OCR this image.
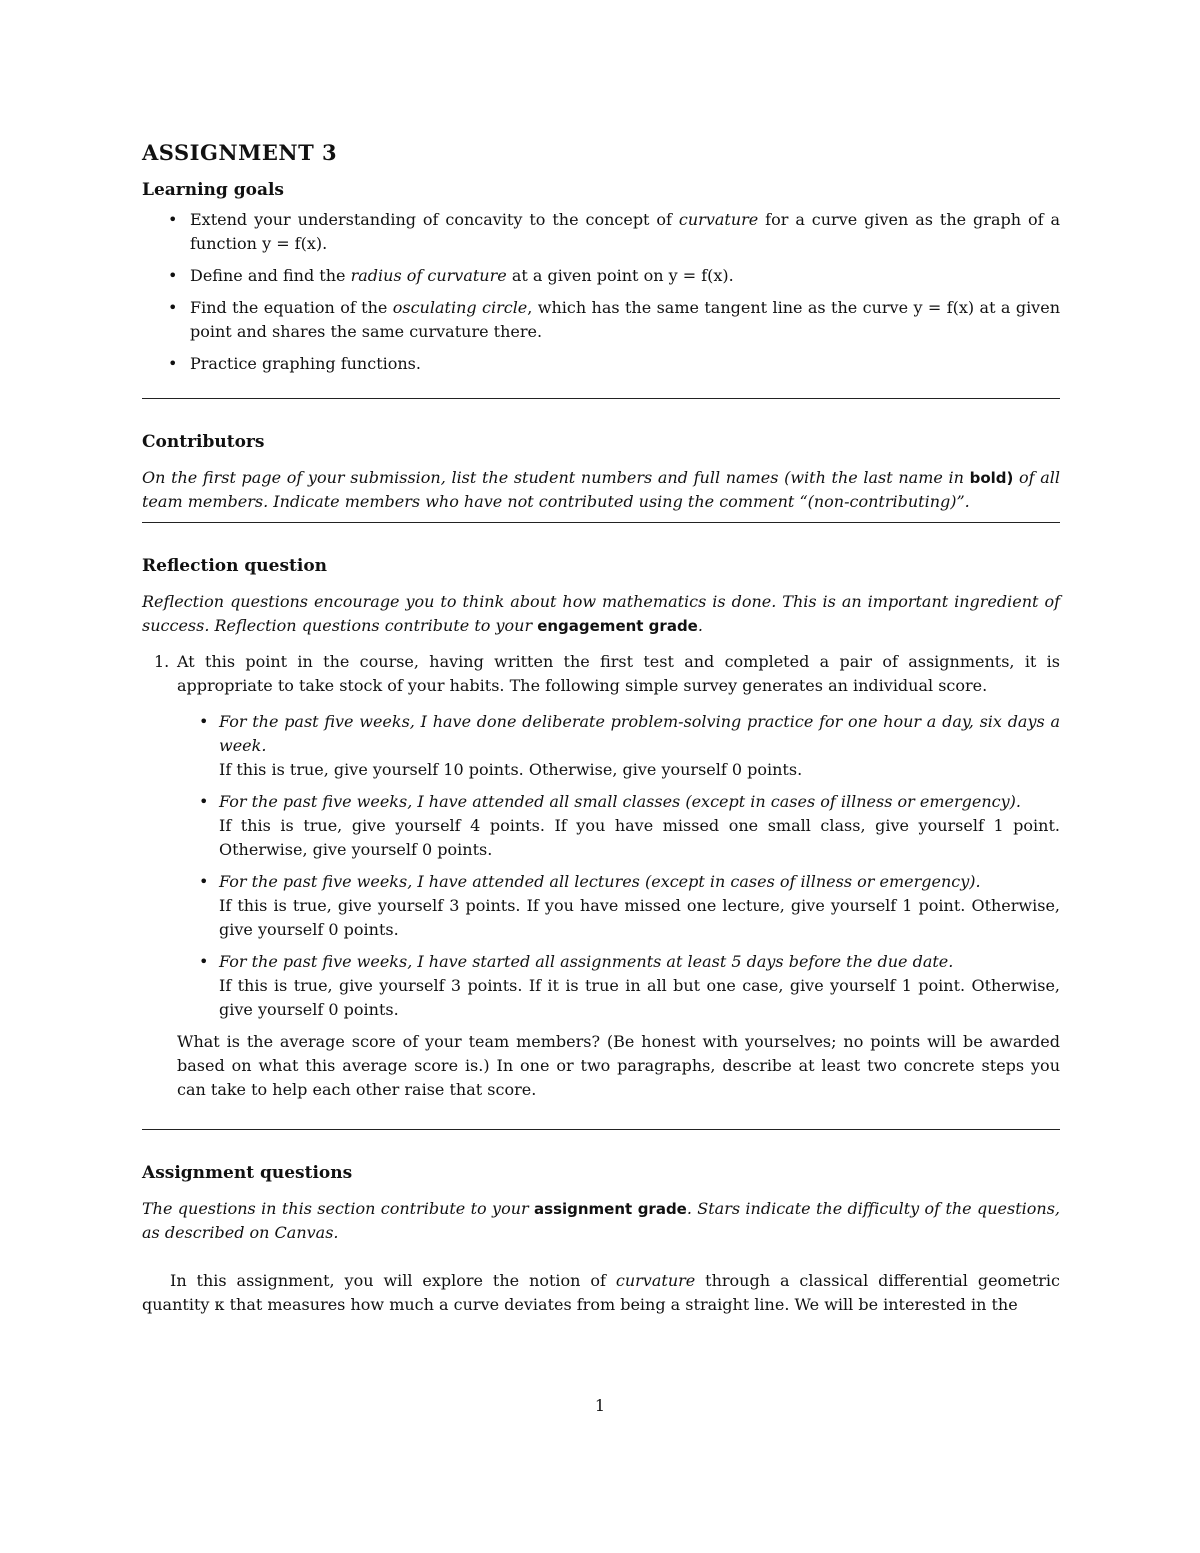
ASSIGNMENT 3
Learning goals
• Extend your understanding of concavity to the concept of curvature for a curve given as the graph of a function y = f(x).
• Define and find the radius of curvature at a given point on y = f(x).
• Find the equation of the osculating circle, which has the same tangent line as the curve y = f(x) at a given point and shares the same curvature there.
• Practice graphing functions.
Contributors

On the first page of your submission, list the student numbers and full names (with the last name in bold) of all team members. Indicate members who have not contributed using the comment “(non-contributing)”.

Reflection question

Reflection questions encourage you to think about how mathematics is done. This is an important ingredient of success. Reflection questions contribute to your engagement grade.

1. At this point in the course, having written the first test and completed a pair of assignments, it is appropriate to take stock of your habits. The following simple survey generates an individual score.

• For the past five weeks, I have done deliberate problem-solving practice for one hour a day, six days a week.
If this is true, give yourself 10 points. Otherwise, give yourself 0 points.
• For the past five weeks, I have attended all small classes (except in cases of illness or emergency).
If this is true, give yourself 4 points. If you have missed one small class, give yourself 1 point. Otherwise, give yourself 0 points.
• For the past five weeks, I have attended all lectures (except in cases of illness or emergency).
If this is true, give yourself 3 points. If you have missed one lecture, give yourself 1 point. Otherwise, give yourself 0 points.
• For the past five weeks, I have started all assignments at least 5 days before the due date.
If this is true, give yourself 3 points. If it is true in all but one case, give yourself 1 point. Otherwise, give yourself 0 points.

What is the average score of your team members? (Be honest with yourselves; no points will be awarded based on what this average score is.) In one or two paragraphs, describe at least two concrete steps you can take to help each other raise that score.

Assignment questions

The questions in this section contribute to your assignment grade. Stars indicate the difficulty of the questions, as described on Canvas.

In this assignment, you will explore the notion of curvature through a classical differential geometric quantity κ that measures how much a curve deviates from being a straight line. We will be interested in the

1
